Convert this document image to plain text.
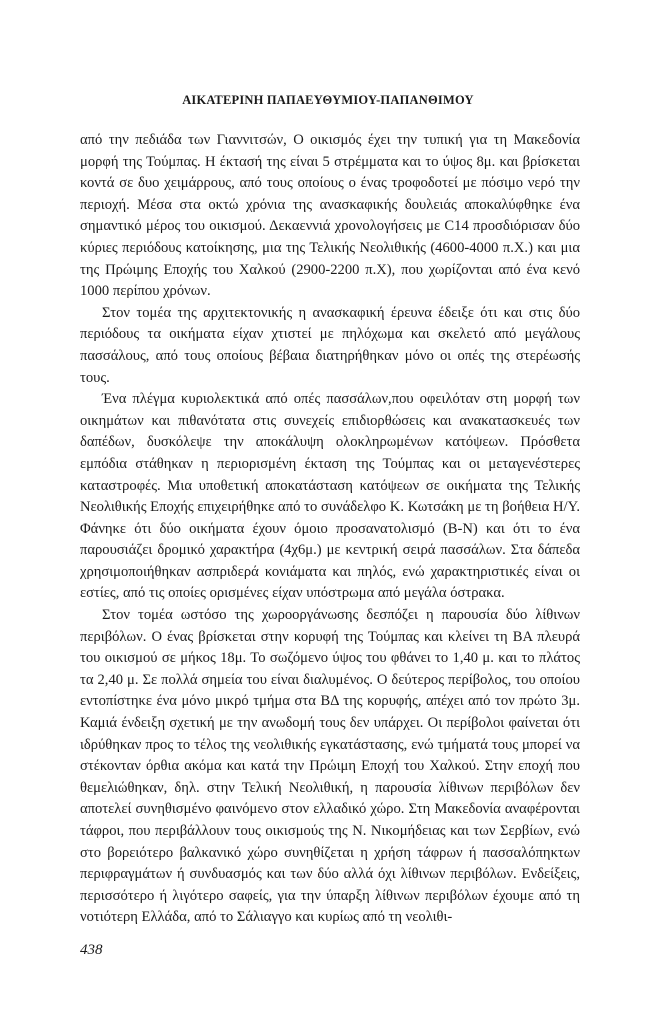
ΑΙΚΑΤΕΡΙΝΗ ΠΑΠΑΕΥΘΥΜΙΟΥ-ΠΑΠΑΝΘΙΜΟΥ

από την πεδιάδα των Γιαννιτσών, Ο οικισμός έχει την τυπική για τη Μακεδονία μορφή της Τούμπας. Η έκτασή της είναι 5 στρέμματα και το ύψος 8μ. και βρίσκεται κοντά σε δυο χειμάρρους, από τους οποίους ο ένας τροφοδοτεί με πόσιμο νερό την περιοχή. Μέσα στα οκτώ χρόνια της ανασκαφικής δουλειάς αποκαλύφθηκε ένα σημαντικό μέρος του οικισμού. Δεκαεννιά χρονολογήσεις με C14 προσδιόρισαν δύο κύριες περιόδους κατοίκησης, μια της Τελικής Νεολιθικής (4600-4000 π.Χ.) και μια της Πρώιμης Εποχής του Χαλκού (2900-2200 π.Χ), που χωρίζονται από ένα κενό 1000 περίπου χρόνων.

Στον τομέα της αρχιτεκτονικής η ανασκαφική έρευνα έδειξε ότι και στις δύο περιόδους τα οικήματα είχαν χτιστεί με πηλόχωμα και σκελετό από μεγάλους πασσάλους, από τους οποίους βέβαια διατηρήθηκαν μόνο οι οπές της στερέωσής τους.

Ένα πλέγμα κυριολεκτικά από οπές πασσάλων,που οφειλόταν στη μορφή των οικημάτων και πιθανότατα στις συνεχείς επιδιορθώσεις και ανακατασκευές των δαπέδων, δυσκόλεψε την αποκάλυψη ολοκληρωμένων κατόψεων. Πρόσθετα εμπόδια στάθηκαν η περιορισμένη έκταση της Τούμπας και οι μεταγενέστερες καταστροφές. Μια υποθετική αποκατάσταση κατόψεων σε οικήματα της Τελικής Νεολιθικής Εποχής επιχειρήθηκε από το συνάδελφο Κ. Κωτσάκη με τη βοήθεια Η/Υ. Φάνηκε ότι δύο οικήματα έχουν όμοιο προσανατολισμό (Β-Ν) και ότι το ένα παρουσιάζει δρομικό χαρακτήρα (4χ6μ.) με κεντρική σειρά πασσάλων. Στα δάπεδα χρησιμοποιήθηκαν ασπριδερά κονιάματα και πηλός, ενώ χαρακτηριστικές είναι οι εστίες, από τις οποίες ορισμένες είχαν υπόστρωμα από μεγάλα όστρακα.

Στον τομέα ωστόσο της χωροοργάνωσης δεσπόζει η παρουσία δύο λίθινων περιβόλων. Ο ένας βρίσκεται στην κορυφή της Τούμπας και κλείνει τη ΒΑ πλευρά του οικισμού σε μήκος 18μ. Το σωζόμενο ύψος του φθάνει το 1,40 μ. και το πλάτος τα 2,40 μ. Σε πολλά σημεία του είναι διαλυμένος. Ο δεύτερος περίβολος, του οποίου εντοπίστηκε ένα μόνο μικρό τμήμα στα ΒΔ της κορυφής, απέχει από τον πρώτο 3μ. Καμιά ένδειξη σχετική με την ανωδομή τους δεν υπάρχει. Οι περίβολοι φαίνεται ότι ιδρύθηκαν προς το τέλος της νεολιθικής εγκατάστασης, ενώ τμήματά τους μπορεί να στέκονταν όρθια ακόμα και κατά την Πρώιμη Εποχή του Χαλκού. Στην εποχή που θεμελιώθηκαν, δηλ. στην Τελική Νεολιθική, η παρουσία λίθινων περιβόλων δεν αποτελεί συνηθισμένο φαινόμενο στον ελλαδικό χώρο. Στη Μακεδονία αναφέρονται τάφροι, που περιβάλλουν τους οικισμούς της Ν. Νικομήδειας και των Σερβίων, ενώ στο βορειότερο βαλκανικό χώρο συνηθίζεται η χρήση τάφρων ή πασσαλόπηκτων περιφραγμάτων ή συνδυασμός και των δύο αλλά όχι λίθινων περιβόλων. Ενδείξεις, περισσότερο ή λιγότερο σαφείς, για την ύπαρξη λίθινων περιβόλων έχουμε από τη νοτιότερη Ελλάδα, από το Σάλιαγγο και κυρίως από τη νεολιθι-

438
